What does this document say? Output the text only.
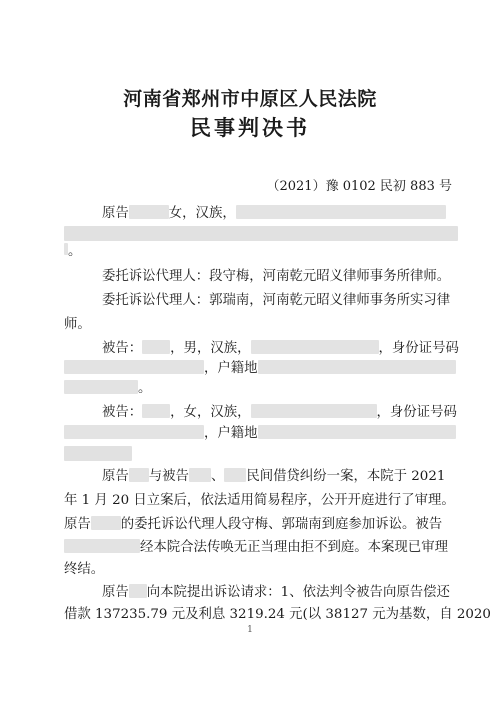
河南省郑州市中原区人民法院
民事判决书
（2021）豫 0102 民初 883 号
原告	女，汉族，
。
委托诉讼代理人：段守梅，河南乾元昭义律师事务所律师。
委托诉讼代理人：郭瑞南，河南乾元昭义律师事务所实习律
师。
被告： ，男，汉族，	，身份证号码
，户籍地
。
被告： ，女，汉族，	，身份证号码
，户籍地
原告 与被告 、 民间借贷纠纷一案，本院于 2021
年 1 月 20 日立案后，依法适用简易程序，公开开庭进行了审理。
原告 的委托诉讼代理人段守梅、郭瑞南到庭参加诉讼。被告
经本院合法传唤无正当理由拒不到庭。本案现已审理
终结。
原告 向本院提出诉讼请求：1、依法判令被告向原告偿还
借款 137235.79 元及利息 3219.24 元(以 38127 元为基数，自 2020
1
